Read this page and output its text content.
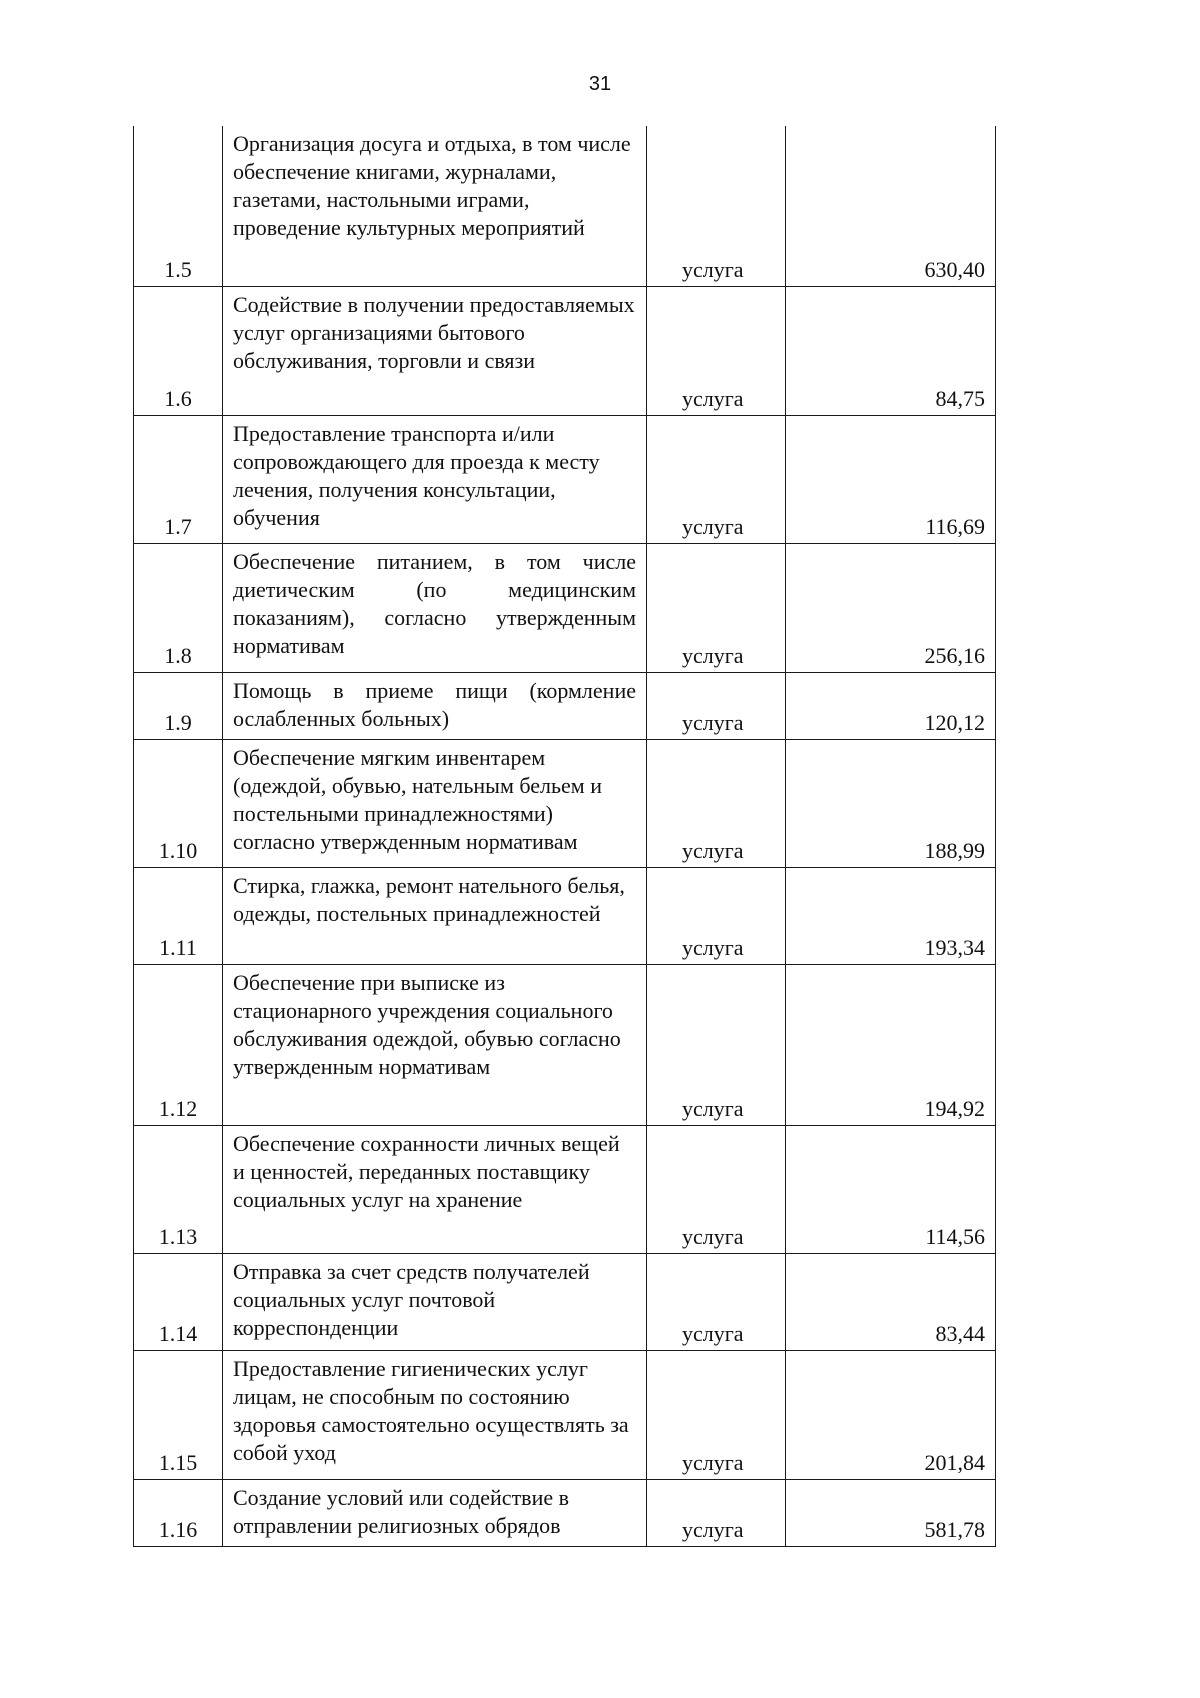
31
1.5	Организация досуга и отдыха, в том числе обеспечение книгами, журналами, газетами, настольными играми, проведение культурных мероприятий	услуга	630,40
1.6	Содействие в получении предоставляемых услуг организациями бытового обслуживания, торговли и связи	услуга	84,75
1.7	Предоставление транспорта и/или сопровождающего для проезда к месту лечения, получения консультации, обучения	услуга	116,69
1.8	Обеспечение питанием, в том числе диетическим (по медицинским показаниям), согласно утвержденным нормативам	услуга	256,16
1.9	Помощь в приеме пищи (кормление ослабленных больных)	услуга	120,12
1.10	Обеспечение мягким инвентарем (одеждой, обувью, нательным бельем и постельными принадлежностями) согласно утвержденным нормативам	услуга	188,99
1.11	Стирка, глажка, ремонт нательного белья, одежды, постельных принадлежностей	услуга	193,34
1.12	Обеспечение при выписке из стационарного учреждения социального обслуживания одеждой, обувью согласно утвержденным нормативам	услуга	194,92
1.13	Обеспечение сохранности личных вещей и ценностей, переданных поставщику социальных услуг на хранение	услуга	114,56
1.14	Отправка за счет средств получателей социальных услуг почтовой корреспонденции	услуга	83,44
1.15	Предоставление гигиенических услуг лицам, не способным по состоянию здоровья самостоятельно осуществлять за собой уход	услуга	201,84
1.16	Создание условий или содействие в отправлении религиозных обрядов	услуга	581,78
